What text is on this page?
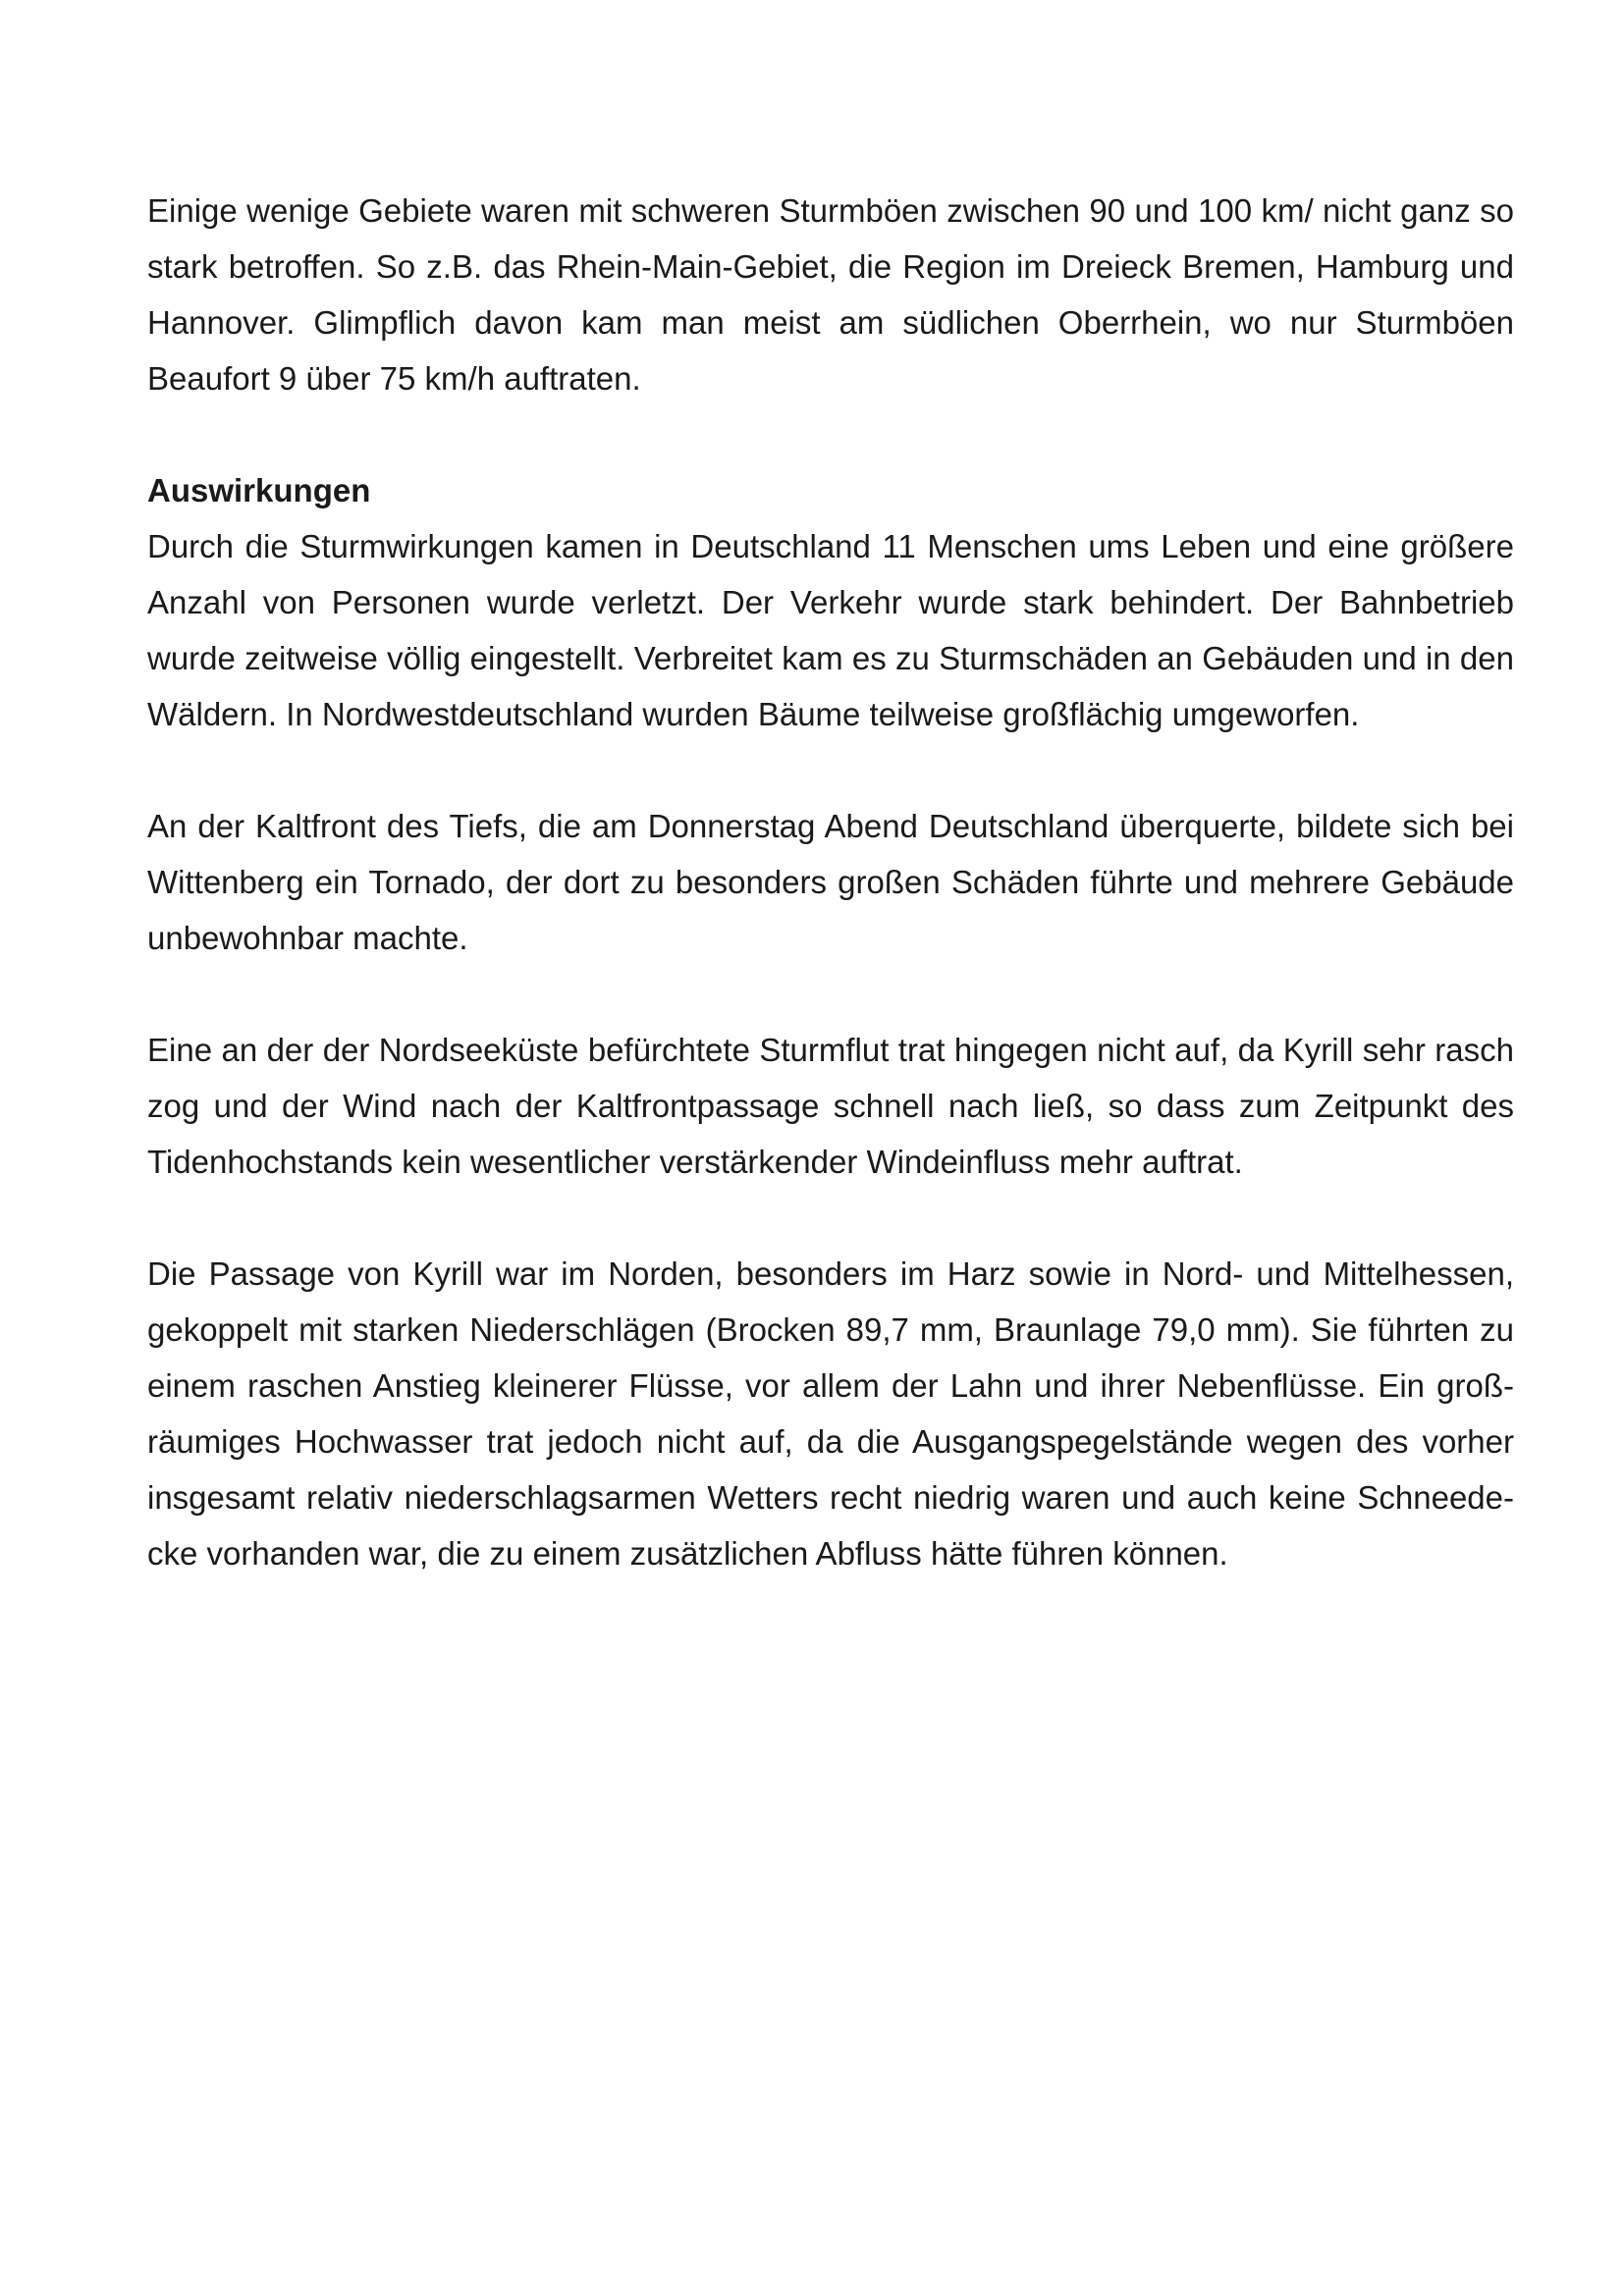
Einige wenige Gebiete waren mit schweren Sturmböen zwischen 90 und 100 km/ nicht ganz so stark betroffen. So z.B. das Rhein-Main-Gebiet, die Region im Dreieck Bremen, Hamburg und Hannover. Glimpflich davon kam man meist am südlichen Oberrhein, wo nur Sturmböen Beaufort 9 über 75 km/h auftraten.

Auswirkungen

Durch die Sturmwirkungen kamen in Deutschland 11 Menschen ums Leben und eine größere Anzahl von Personen wurde verletzt. Der Verkehr wurde stark behindert. Der Bahnbetrieb wurde zeitweise völlig eingestellt. Verbreitet kam es zu Sturmschäden an Gebäuden und in den Wäldern. In Nordwestdeutschland wurden Bäume teilweise großflächig umgeworfen.

An der Kaltfront des Tiefs, die am Donnerstag Abend Deutschland überquerte, bildete sich bei Wittenberg ein Tornado, der dort zu besonders großen Schäden führte und mehrere Gebäude unbewohnbar machte.

Eine an der der Nordseeküste befürchtete Sturmflut trat hingegen nicht auf, da Kyrill sehr rasch zog und der Wind nach der Kaltfrontpassage schnell nach ließ, so dass zum Zeitpunkt des Tidenhochstands kein wesentlicher verstärkender Windeinfluss mehr auftrat.

Die Passage von Kyrill war im Norden, besonders im Harz sowie in Nord- und Mittelhessen, gekoppelt mit starken Niederschlägen (Brocken 89,7 mm, Braunlage 79,0 mm). Sie führten zu einem raschen Anstieg kleinerer Flüsse, vor allem der Lahn und ihrer Nebenflüsse. Ein groß-räumiges Hochwasser trat jedoch nicht auf, da die Ausgangspegelstände wegen des vorher insgesamt relativ niederschlagsarmen Wetters recht niedrig waren und auch keine Schneede-cke vorhanden war, die zu einem zusätzlichen Abfluss hätte führen können.
